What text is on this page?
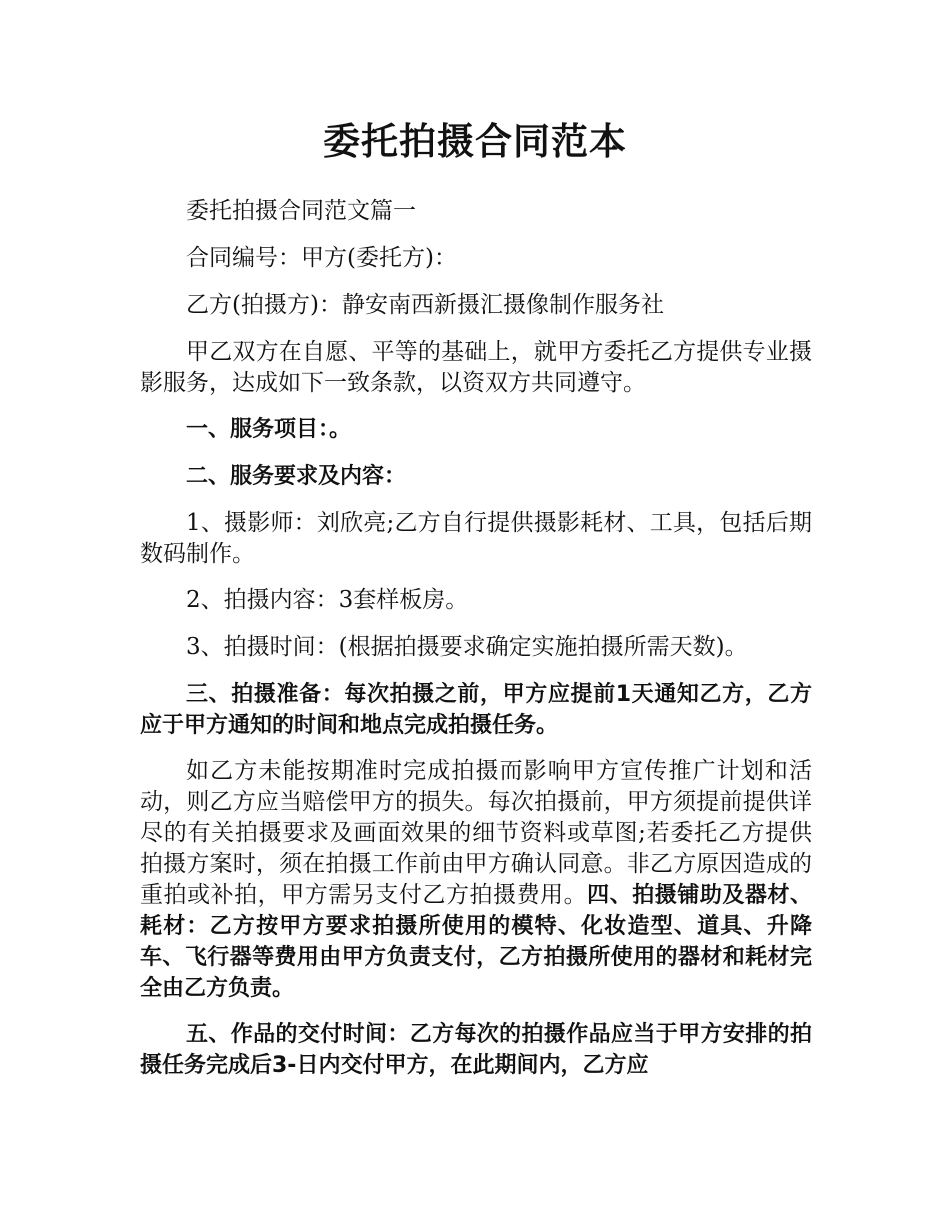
委托拍摄合同范本

委托拍摄合同范文篇一

合同编号：甲方(委托方)：

乙方(拍摄方)：静安南西新摄汇摄像制作服务社

甲乙双方在自愿、平等的基础上，就甲方委托乙方提供专业摄影服务，达成如下一致条款，以资双方共同遵守。

一、服务项目：。

二、服务要求及内容：

1、摄影师：刘欣亮;乙方自行提供摄影耗材、工具，包括后期数码制作。

2、拍摄内容：3套样板房。

3、拍摄时间：(根据拍摄要求确定实施拍摄所需天数)。

三、拍摄准备：每次拍摄之前，甲方应提前1天通知乙方，乙方应于甲方通知的时间和地点完成拍摄任务。

如乙方未能按期准时完成拍摄而影响甲方宣传推广计划和活动，则乙方应当赔偿甲方的损失。每次拍摄前，甲方须提前提供详尽的有关拍摄要求及画面效果的细节资料或草图;若委托乙方提供拍摄方案时，须在拍摄工作前由甲方确认同意。非乙方原因造成的重拍或补拍，甲方需另支付乙方拍摄费用。四、拍摄铺助及器材、耗材：乙方按甲方要求拍摄所使用的模特、化妆造型、道具、升降车、飞行器等费用由甲方负责支付，乙方拍摄所使用的器材和耗材完全由乙方负责。

五、作品的交付时间：乙方每次的拍摄作品应当于甲方安排的拍摄任务完成后3-日内交付甲方，在此期间内，乙方应
